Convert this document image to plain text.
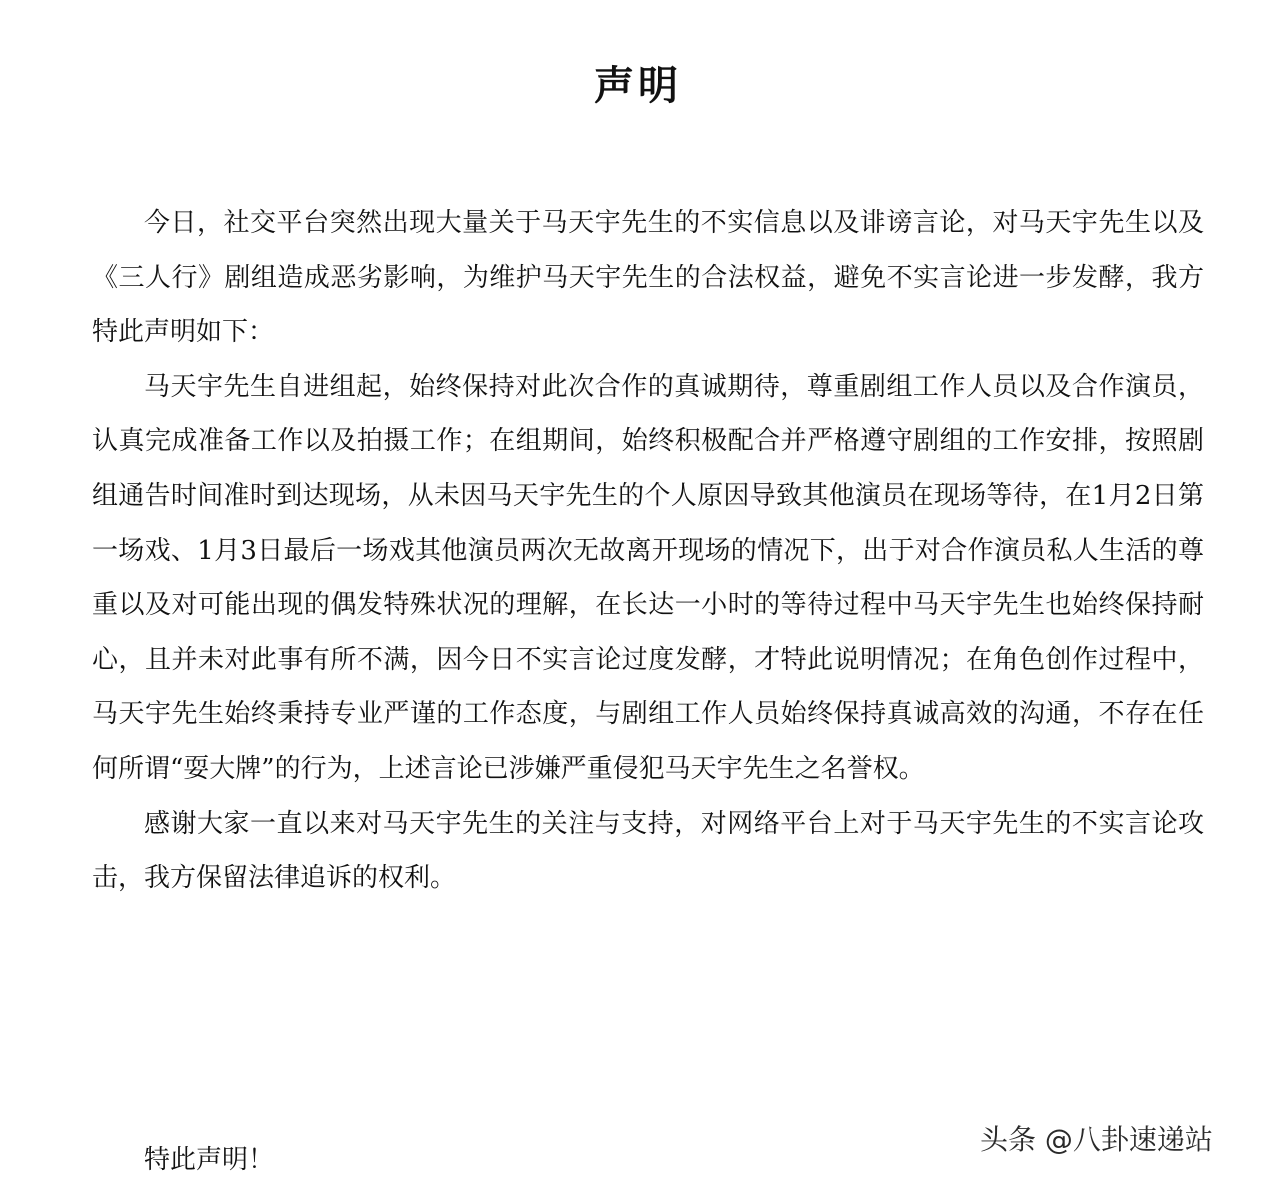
声明

今日，社交平台突然出现大量关于马天宇先生的不实信息以及诽谤言论，对马天宇先生以及《三人行》剧组造成恶劣影响，为维护马天宇先生的合法权益，避免不实言论进一步发酵，我方特此声明如下：

马天宇先生自进组起，始终保持对此次合作的真诚期待，尊重剧组工作人员以及合作演员，认真完成准备工作以及拍摄工作；在组期间，始终积极配合并严格遵守剧组的工作安排，按照剧组通告时间准时到达现场，从未因马天宇先生的个人原因导致其他演员在现场等待，在1月2日第一场戏、1月3日最后一场戏其他演员两次无故离开现场的情况下，出于对合作演员私人生活的尊重以及对可能出现的偶发特殊状况的理解，在长达一小时的等待过程中马天宇先生也始终保持耐心，且并未对此事有所不满，因今日不实言论过度发酵，才特此说明情况；在角色创作过程中，马天宇先生始终秉持专业严谨的工作态度，与剧组工作人员始终保持真诚高效的沟通，不存在任何所谓“耍大牌”的行为，上述言论已涉嫌严重侵犯马天宇先生之名誉权。

感谢大家一直以来对马天宇先生的关注与支持，对网络平台上对于马天宇先生的不实言论攻击，我方保留法律追诉的权利。

特此声明！
头条 @八卦速递站
